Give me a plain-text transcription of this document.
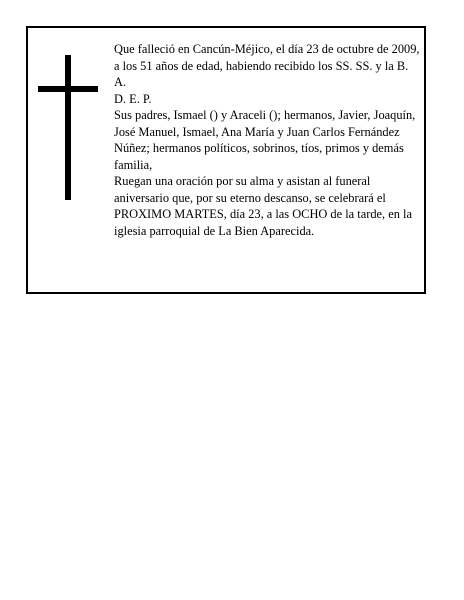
Que falleció en Cancún-Méjico, el día 23 de octubre de 2009, a los 51 años de edad, habiendo recibido los SS. SS. y la B. A.

D. E. P.

Sus padres, Ismael () y Araceli (); hermanos, Javier, Joaquín, José Manuel, Ismael, Ana María y Juan Carlos Fernández Núñez; hermanos políticos, sobrinos, tíos, primos y demás familia,

Ruegan una oración por su alma y asistan al funeral aniversario que, por su eterno descanso, se celebrará el PROXIMO MARTES, día 23, a las OCHO de la tarde, en la iglesia parroquial de La Bien Aparecida.
